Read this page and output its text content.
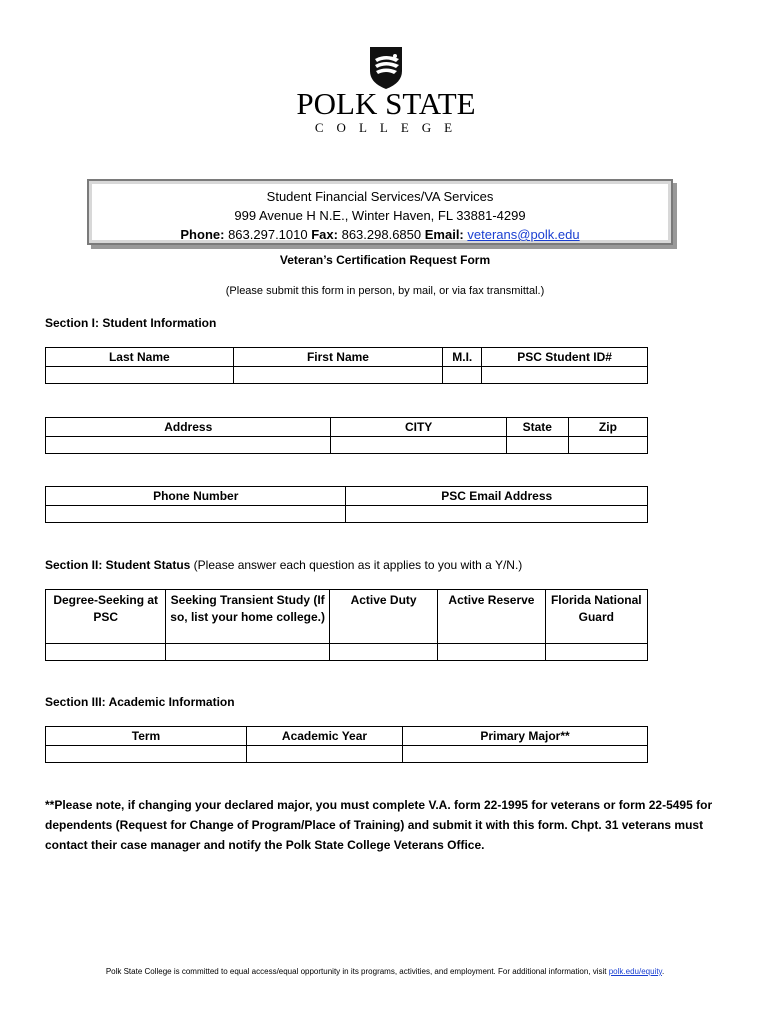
POLK STATE
COLLEGE
Student Financial Services/VA Services
999 Avenue H N.E., Winter Haven, FL 33881-4299
Phone: 863.297.1010 Fax: 863.298.6850 Email: veterans@polk.edu
Veteran’s Certification Request Form
(Please submit this form in person, by mail, or via fax transmittal.)
Section I: Student Information
Last Name	First Name	M.I.	PSC Student ID#

Address	CITY	State	Zip

Phone Number	PSC Email Address

Section II: Student Status (Please answer each question as it applies to you with a Y/N.)
Degree-Seeking at PSC	Seeking Transient Study (If so, list your home college.)	Active Duty	Active Reserve	Florida National Guard

Section III: Academic Information
Term	Academic Year	Primary Major**

**Please note, if changing your declared major, you must complete V.A. form 22-1995 for veterans or form 22-5495 for dependents (Request for Change of Program/Place of Training) and submit it with this form. Chpt. 31 veterans must contact their case manager and notify the Polk State College Veterans Office.
Polk State College is committed to equal access/equal opportunity in its programs, activities, and employment. For additional information, visit polk.edu/equity.
